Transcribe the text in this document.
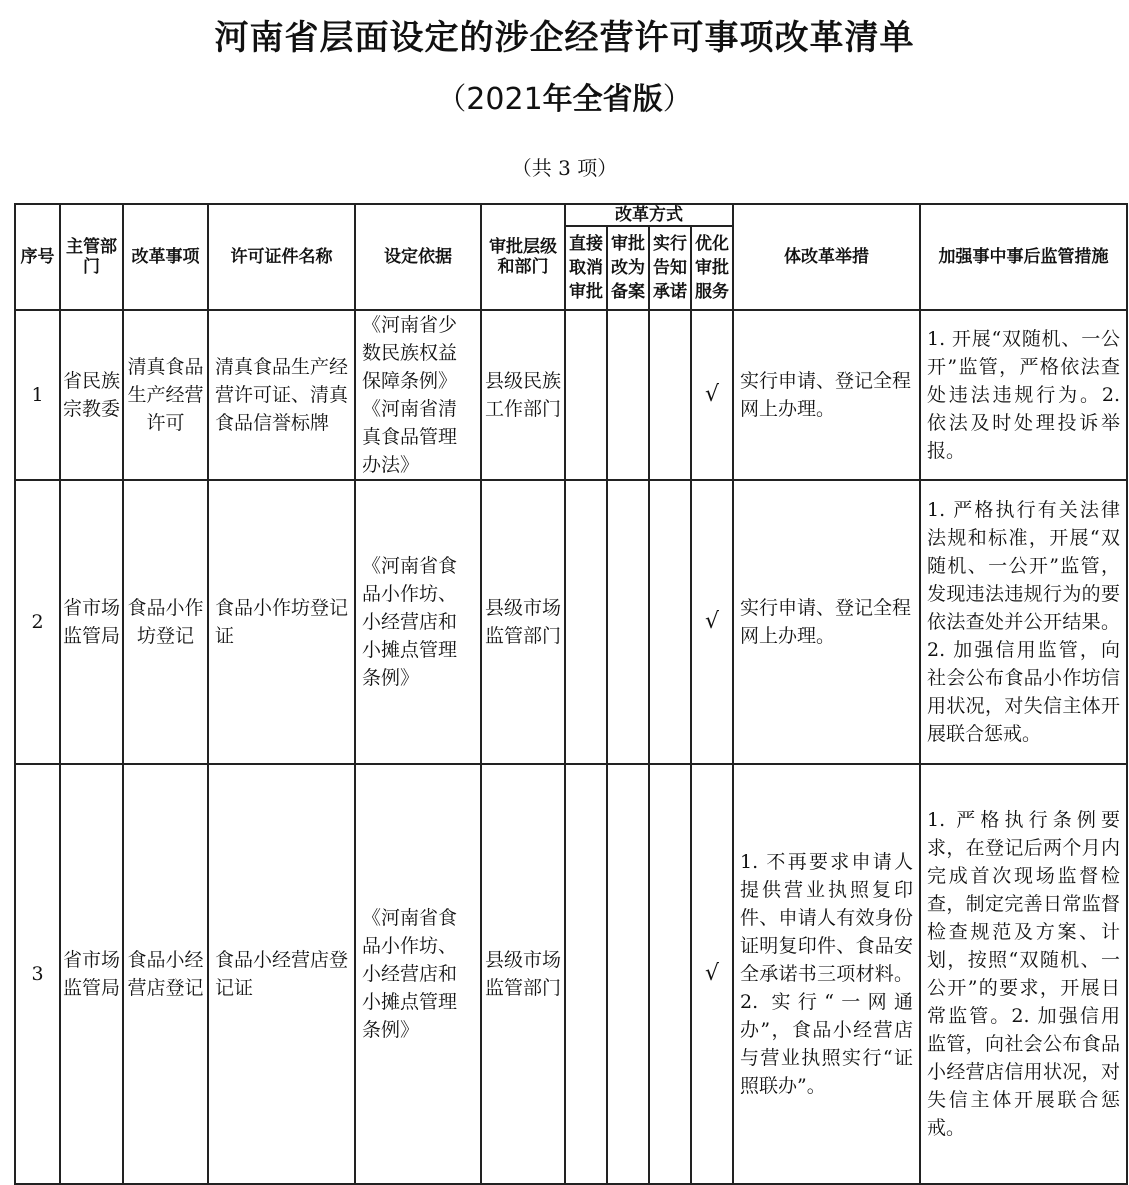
河南省层面设定的涉企经营许可事项改革清单
（2021年全省版）
（共 3 项）
序号	主管部门	改革事项	许可证件名称	设定依据	审批层级和部门	改革方式				体改革举措	加强事中事后监管措施
						直接取消审批	审批改为备案	实行告知承诺	优化审批服务		
1	省民族宗教委	清真食品生产经营许可	清真食品生产经营许可证、清真食品信誉标牌	《河南省少数民族权益保障条例》《河南省清真食品管理办法》	县级民族工作部门				√	实行申请、登记全程网上办理。	1. 开展“双随机、一公开”监管，严格依法查处违法违规行为。2. 依法及时处理投诉举报。
2	省市场监管局	食品小作坊登记	食品小作坊登记证	《河南省食品小作坊、小经营店和小摊点管理条例》	县级市场监管部门				√	实行申请、登记全程网上办理。	1. 严格执行有关法律法规和标准，开展“双随机、一公开”监管，发现违法违规行为的要依法查处并公开结果。2. 加强信用监管，向社会公布食品小作坊信用状况，对失信主体开展联合惩戒。
3	省市场监管局	食品小经营店登记	食品小经营店登记证	《河南省食品小作坊、小经营店和小摊点管理条例》	县级市场监管部门				√	1. 不再要求申请人提供营业执照复印件、申请人有效身份证明复印件、食品安全承诺书三项材料。2. 实行“一网通办”，食品小经营店与营业执照实行“证照联办”。	1. 严格执行条例要求，在登记后两个月内完成首次现场监督检查，制定完善日常监督检查规范及方案、计划，按照“双随机、一公开”的要求，开展日常监管。2. 加强信用监管，向社会公布食品小经营店信用状况，对失信主体开展联合惩戒。
